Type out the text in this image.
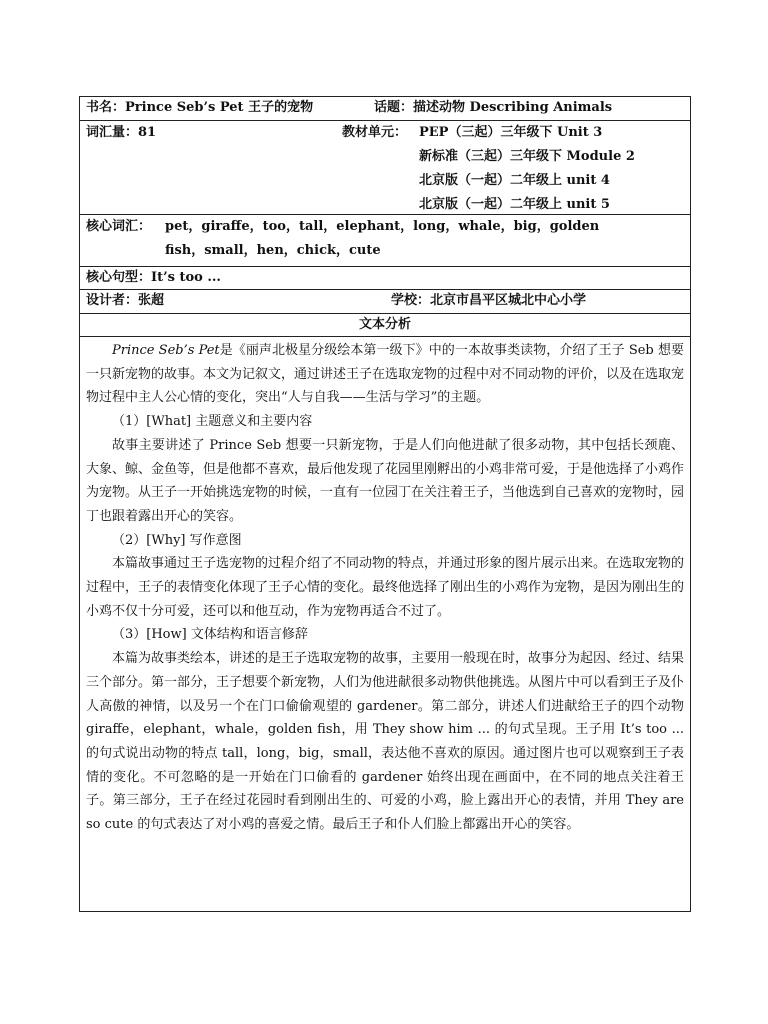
书名：Prince Seb’s Pet 王子的宠物	话题：描述动物 Describing Animals
词汇量：81	教材单元： PEP（三起）三年级下 Unit 3
新标准（三起）三年级下 Module 2
北京版（一起）二年级上 unit 4
北京版（一起）二年级上 unit 5
核心词汇： pet，giraffe，too，tall，elephant，long，whale，big，golden
fish，small，hen，chick，cute
核心句型：It’s too ...
设计者：张超	学校：北京市昌平区城北中心小学
文本分析

Prince Seb’s Pet是《丽声北极星分级绘本第一级下》中的一本故事类读物，介绍了王子 Seb 想要一只新宠物的故事。本文为记叙文，通过讲述王子在选取宠物的过程中对不同动物的评价，以及在选取宠物过程中主人公心情的变化，突出“人与自我——生活与学习”的主题。

（1）[What] 主题意义和主要内容

故事主要讲述了 Prince Seb 想要一只新宠物，于是人们向他进献了很多动物，其中包括长颈鹿、大象、鲸、金鱼等，但是他都不喜欢，最后他发现了花园里刚孵出的小鸡非常可爱，于是他选择了小鸡作为宠物。从王子一开始挑选宠物的时候，一直有一位园丁在关注着王子，当他选到自己喜欢的宠物时，园丁也跟着露出开心的笑容。

（2）[Why] 写作意图

本篇故事通过王子选宠物的过程介绍了不同动物的特点，并通过形象的图片展示出来。在选取宠物的过程中，王子的表情变化体现了王子心情的变化。最终他选择了刚出生的小鸡作为宠物，是因为刚出生的小鸡不仅十分可爱，还可以和他互动，作为宠物再适合不过了。

（3）[How] 文体结构和语言修辞

本篇为故事类绘本，讲述的是王子选取宠物的故事，主要用一般现在时，故事分为起因、经过、结果三个部分。第一部分，王子想要个新宠物，人们为他进献很多动物供他挑选。从图片中可以看到王子及仆人高傲的神情，以及另一个在门口偷偷观望的 gardener。第二部分，讲述人们进献给王子的四个动物 giraffe，elephant，whale，golden fish，用 They show him ... 的句式呈现。王子用 It’s too ... 的句式说出动物的特点 tall，long，big，small，表达他不喜欢的原因。通过图片也可以观察到王子表情的变化。不可忽略的是一开始在门口偷看的 gardener 始终出现在画面中，在不同的地点关注着王子。第三部分，王子在经过花园时看到刚出生的、可爱的小鸡，脸上露出开心的表情，并用 They are so cute 的句式表达了对小鸡的喜爱之情。最后王子和仆人们脸上都露出开心的笑容。
